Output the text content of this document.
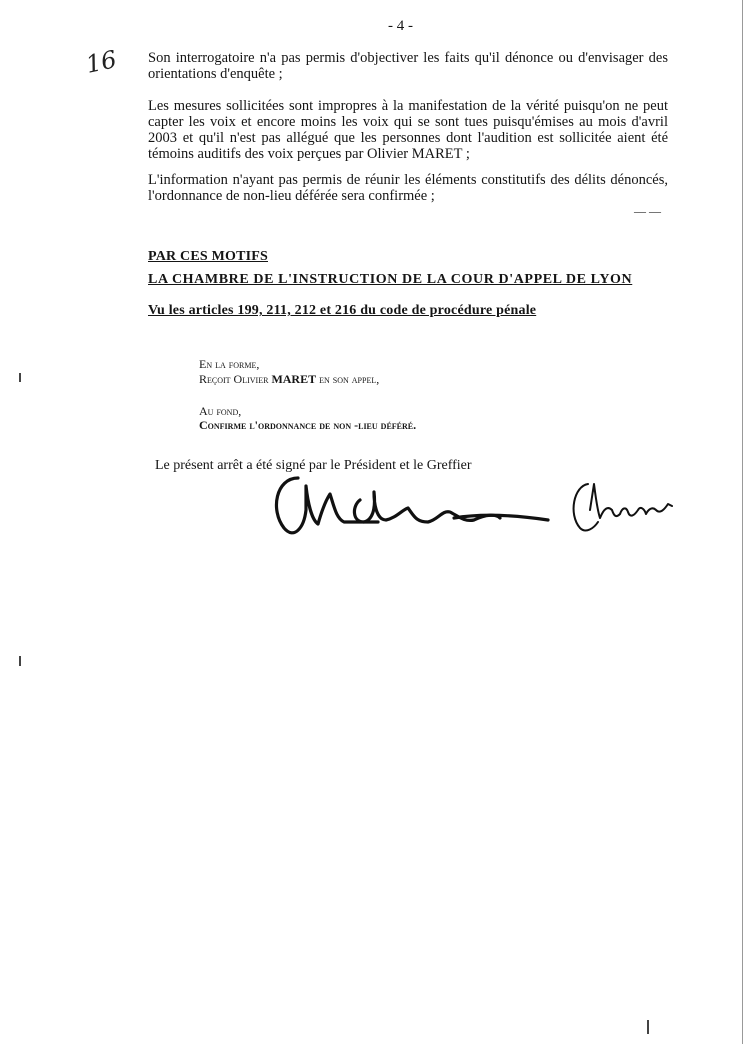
- 4 -
16 Son interrogatoire n'a pas permis d'objectiver les faits qu'il dénonce ou d'envisager des orientations d'enquête ;

Les mesures sollicitées sont impropres à la manifestation de la vérité puisqu'on ne peut capter les voix et encore moins les voix qui se sont tues puisqu'émises au mois d'avril 2003 et qu'il n'est pas allégué que les personnes dont l'audition est sollicitée aient été témoins auditifs des voix perçues par Olivier MARET ;

L'information n'ayant pas permis de réunir les éléments constitutifs des délits dénoncés, l'ordonnance de non-lieu déférée sera confirmée ;

— —
PAR CES MOTIFS
LA CHAMBRE DE L'INSTRUCTION DE LA COUR D'APPEL DE LYON
Vu les articles 199, 211, 212 et 216 du code de procédure pénale
En la forme,
Reçoit Olivier MARET en son appel,
Au fond,
Confirme l'ordonnance de non -lieu déféré.
Le présent arrêt a été signé par le Président et le Greffier
